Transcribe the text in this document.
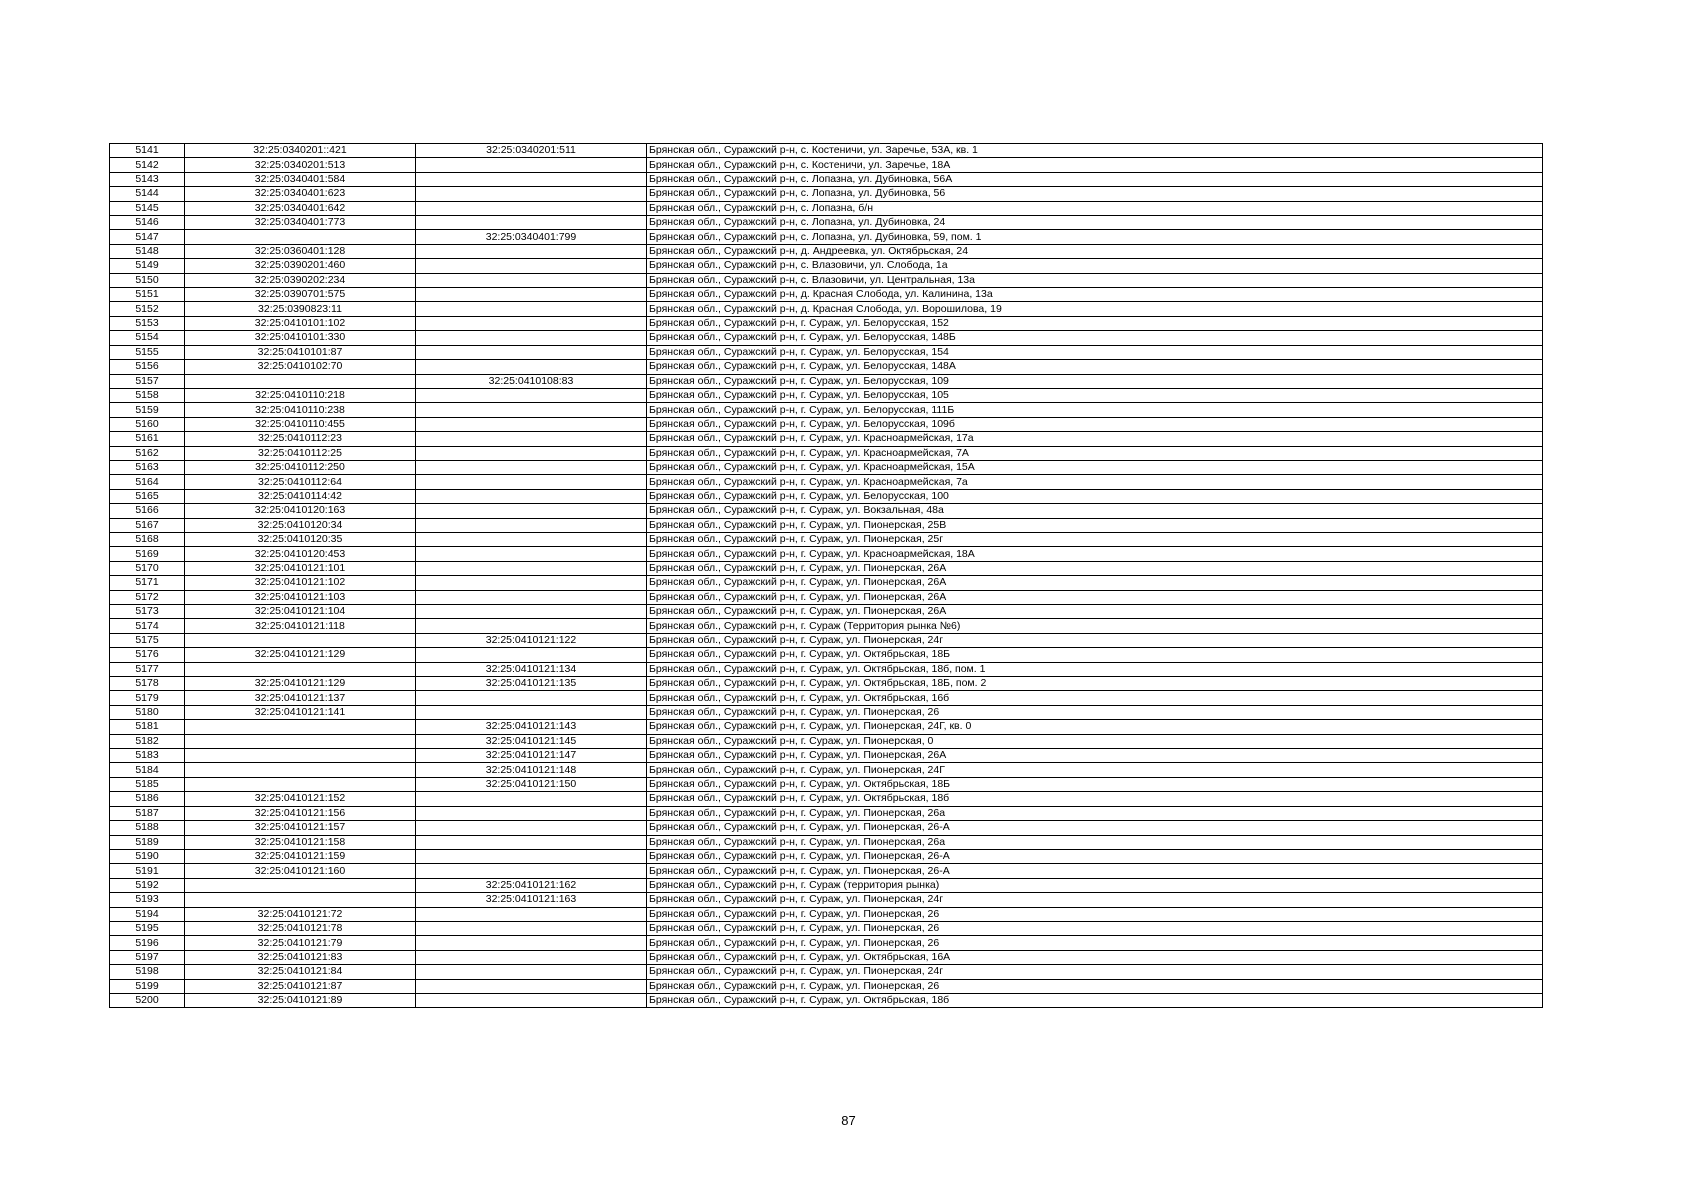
5141	32:25:0340201::421	32:25:0340201:511	Брянская обл., Суражский р-н, с. Костеничи, ул. Заречье, 53А, кв. 1
5142	32:25:0340201:513		Брянская обл., Суражский р-н, с. Костеничи, ул. Заречье, 18А
5143	32:25:0340401:584		Брянская обл., Суражский р-н, с. Лопазна, ул. Дубиновка, 56А
5144	32:25:0340401:623		Брянская обл., Суражский р-н, с. Лопазна, ул. Дубиновка, 56
5145	32:25:0340401:642		Брянская обл., Суражский р-н, с. Лопазна, б/н
5146	32:25:0340401:773		Брянская обл., Суражский р-н, с. Лопазна, ул. Дубиновка, 24
5147		32:25:0340401:799	Брянская обл., Суражский р-н, с. Лопазна, ул. Дубиновка, 59, пом. 1
5148	32:25:0360401:128		Брянская обл., Суражский р-н, д. Андреевка, ул. Октябрьская, 24
5149	32:25:0390201:460		Брянская обл., Суражский р-н, с. Влазовичи, ул. Слобода, 1а
5150	32:25:0390202:234		Брянская обл., Суражский р-н, с. Влазовичи, ул. Центральная, 13а
5151	32:25:0390701:575		Брянская обл., Суражский р-н, д. Красная Слобода, ул. Калинина, 13а
5152	32:25:0390823:11		Брянская обл., Суражский р-н, д. Красная Слобода, ул. Ворошилова, 19
5153	32:25:0410101:102		Брянская обл., Суражский р-н, г. Сураж, ул. Белорусская, 152
5154	32:25:0410101:330		Брянская обл., Суражский р-н, г. Сураж, ул. Белорусская, 148Б
5155	32:25:0410101:87		Брянская обл., Суражский р-н, г. Сураж, ул. Белорусская, 154
5156	32:25:0410102:70		Брянская обл., Суражский р-н, г. Сураж, ул. Белорусская, 148А
5157		32:25:0410108:83	Брянская обл., Суражский р-н, г. Сураж, ул. Белорусская, 109
5158	32:25:0410110:218		Брянская обл., Суражский р-н, г. Сураж, ул. Белорусская, 105
5159	32:25:0410110:238		Брянская обл., Суражский р-н, г. Сураж, ул. Белорусская, 111Б
5160	32:25:0410110:455		Брянская обл., Суражский р-н, г. Сураж, ул. Белорусская, 109б
5161	32:25:0410112:23		Брянская обл., Суражский р-н, г. Сураж, ул. Красноармейская, 17а
5162	32:25:0410112:25		Брянская обл., Суражский р-н, г. Сураж, ул. Красноармейская, 7А
5163	32:25:0410112:250		Брянская обл., Суражский р-н, г. Сураж, ул. Красноармейская, 15А
5164	32:25:0410112:64		Брянская обл., Суражский р-н, г. Сураж, ул. Красноармейская, 7а
5165	32:25:0410114:42		Брянская обл., Суражский р-н, г. Сураж, ул. Белорусская, 100
5166	32:25:0410120:163		Брянская обл., Суражский р-н, г. Сураж, ул. Вокзальная, 48а
5167	32:25:0410120:34		Брянская обл., Суражский р-н, г. Сураж, ул. Пионерская, 25В
5168	32:25:0410120:35		Брянская обл., Суражский р-н, г. Сураж, ул. Пионерская, 25г
5169	32:25:0410120:453		Брянская обл., Суражский р-н, г. Сураж, ул. Красноармейская, 18А
5170	32:25:0410121:101		Брянская обл., Суражский р-н, г. Сураж, ул. Пионерская, 26А
5171	32:25:0410121:102		Брянская обл., Суражский р-н, г. Сураж, ул. Пионерская, 26А
5172	32:25:0410121:103		Брянская обл., Суражский р-н, г. Сураж, ул. Пионерская, 26А
5173	32:25:0410121:104		Брянская обл., Суражский р-н, г. Сураж, ул. Пионерская, 26А
5174	32:25:0410121:118		Брянская обл., Суражский р-н, г. Сураж (Территория рынка №6)
5175		32:25:0410121:122	Брянская обл., Суражский р-н, г. Сураж, ул. Пионерская, 24г
5176	32:25:0410121:129		Брянская обл., Суражский р-н, г. Сураж, ул. Октябрьская, 18Б
5177		32:25:0410121:134	Брянская обл., Суражский р-н, г. Сураж, ул. Октябрьская, 18б, пом. 1
5178	32:25:0410121:129	32:25:0410121:135	Брянская обл., Суражский р-н, г. Сураж, ул. Октябрьская, 18Б, пом. 2
5179	32:25:0410121:137		Брянская обл., Суражский р-н, г. Сураж, ул. Октябрьская, 16б
5180	32:25:0410121:141		Брянская обл., Суражский р-н, г. Сураж, ул. Пионерская, 26
5181		32:25:0410121:143	Брянская обл., Суражский р-н, г. Сураж, ул. Пионерская, 24Г, кв. 0
5182		32:25:0410121:145	Брянская обл., Суражский р-н, г. Сураж, ул. Пионерская, 0
5183		32:25:0410121:147	Брянская обл., Суражский р-н, г. Сураж, ул. Пионерская, 26А
5184		32:25:0410121:148	Брянская обл., Суражский р-н, г. Сураж, ул. Пионерская, 24Г
5185		32:25:0410121:150	Брянская обл., Суражский р-н, г. Сураж, ул. Октябрьская, 18Б
5186	32:25:0410121:152		Брянская обл., Суражский р-н, г. Сураж, ул. Октябрьская, 18б
5187	32:25:0410121:156		Брянская обл., Суражский р-н, г. Сураж, ул. Пионерская, 26а
5188	32:25:0410121:157		Брянская обл., Суражский р-н, г. Сураж, ул. Пионерская, 26-А
5189	32:25:0410121:158		Брянская обл., Суражский р-н, г. Сураж, ул. Пионерская, 26а
5190	32:25:0410121:159		Брянская обл., Суражский р-н, г. Сураж, ул. Пионерская, 26-А
5191	32:25:0410121:160		Брянская обл., Суражский р-н, г. Сураж, ул. Пионерская, 26-А
5192		32:25:0410121:162	Брянская обл., Суражский р-н, г. Сураж (территория рынка)
5193		32:25:0410121:163	Брянская обл., Суражский р-н, г. Сураж, ул. Пионерская, 24г
5194	32:25:0410121:72		Брянская обл., Суражский р-н, г. Сураж, ул. Пионерская, 26
5195	32:25:0410121:78		Брянская обл., Суражский р-н, г. Сураж, ул. Пионерская, 26
5196	32:25:0410121:79		Брянская обл., Суражский р-н, г. Сураж, ул. Пионерская, 26
5197	32:25:0410121:83		Брянская обл., Суражский р-н, г. Сураж, ул. Октябрьская, 16А
5198	32:25:0410121:84		Брянская обл., Суражский р-н, г. Сураж, ул. Пионерская, 24г
5199	32:25:0410121:87		Брянская обл., Суражский р-н, г. Сураж, ул. Пионерская, 26
5200	32:25:0410121:89		Брянская обл., Суражский р-н, г. Сураж, ул. Октябрьская, 18б
87
